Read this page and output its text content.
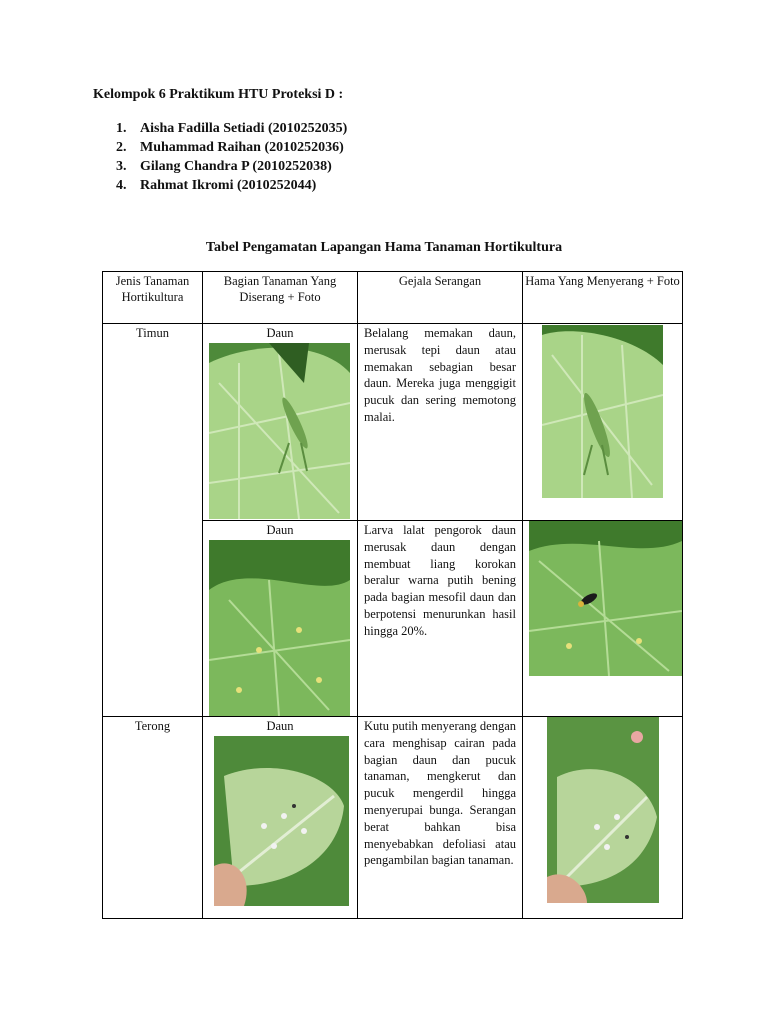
Kelompok 6 Praktikum HTU Proteksi D :
1. Aisha Fadilla Setiadi (2010252035)
2. Muhammad Raihan (2010252036)
3. Gilang Chandra P (2010252038)
4. Rahmat Ikromi (2010252044)
Tabel Pengamatan Lapangan Hama Tanaman Hortikultura
Jenis Tanaman Hortikultura	Bagian Tanaman Yang Diserang + Foto	Gejala Serangan	Hama Yang Menyerang + Foto
Timun	Daun	Belalang memakan daun, merusak tepi daun atau memakan sebagian besar daun. Mereka juga menggigit pucuk dan sering memotong malai.	

	Daun	Larva lalat pengorok daun merusak daun dengan membuat liang korokan beralur warna putih bening pada bagian mesofil daun dan berpotensi menurunkan hasil hingga 20%.	

Terong	Daun	Kutu putih menyerang dengan cara menghisap cairan pada bagian daun dan pucuk tanaman, mengkerut dan pucuk mengerdil hingga menyerupai bunga. Serangan berat bahkan bisa menyebabkan defoliasi atau pengambilan bagian tanaman.	
